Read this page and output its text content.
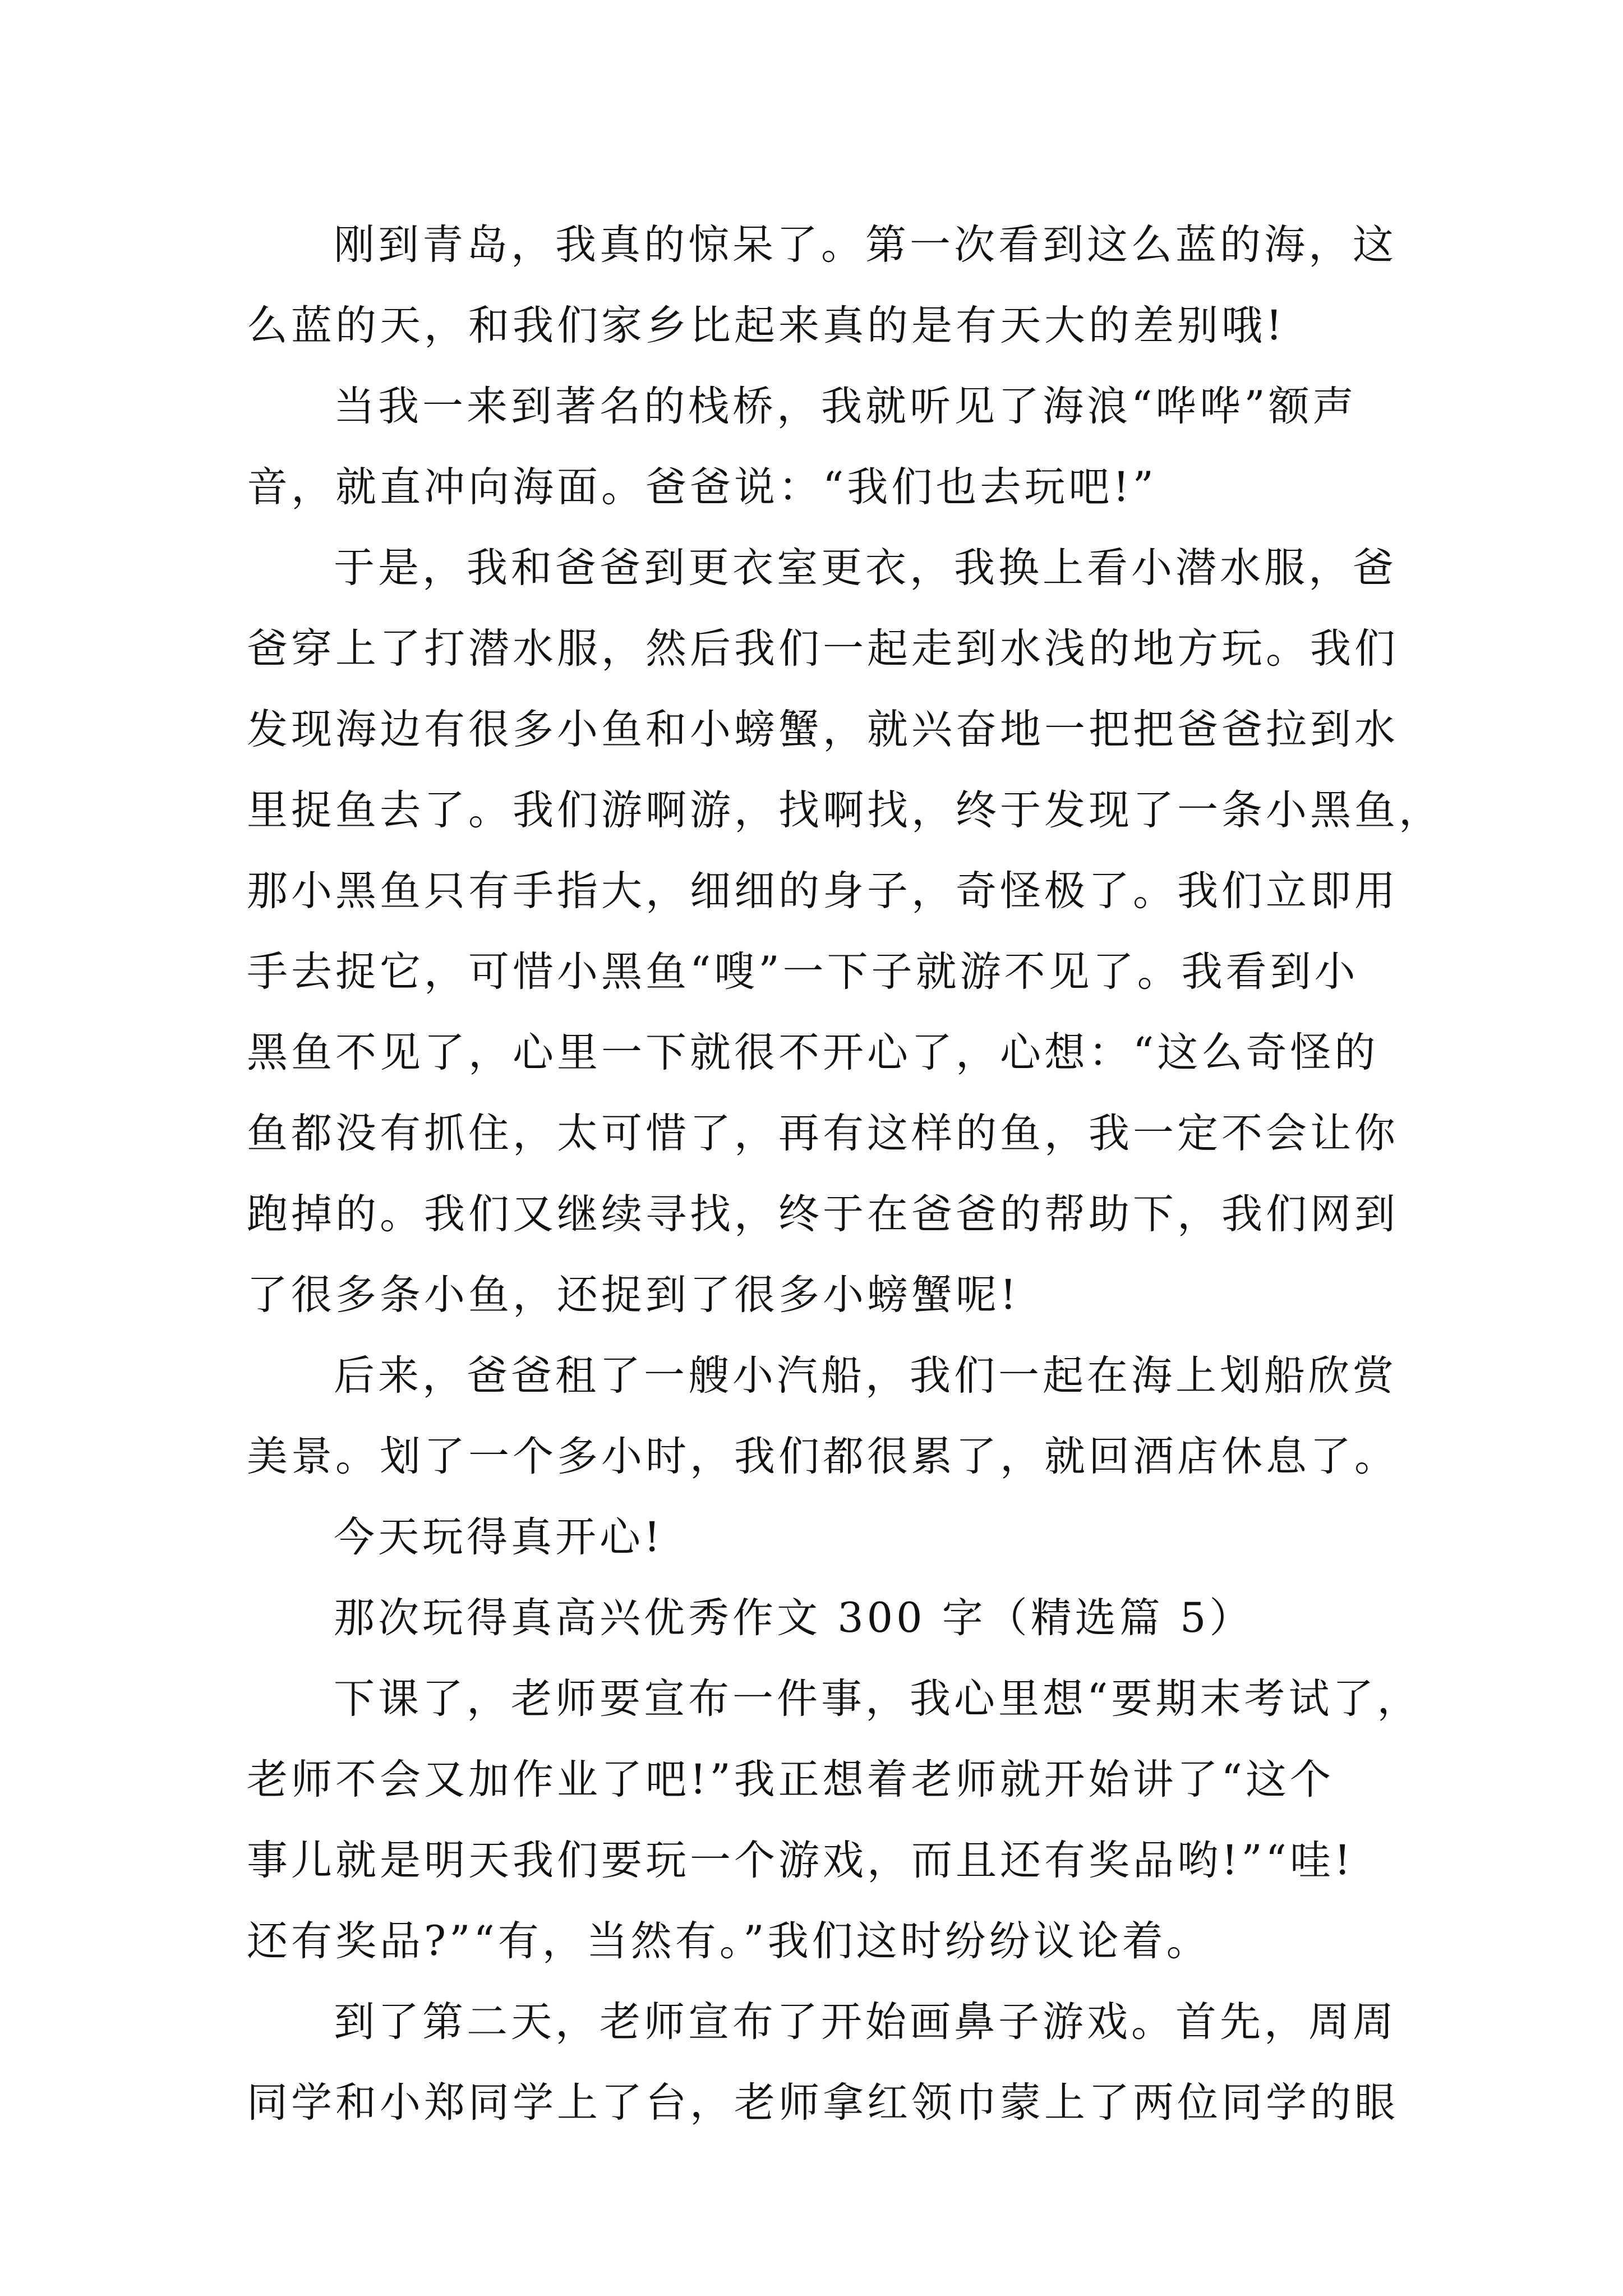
刚到青岛，我真的惊呆了。第一次看到这么蓝的海，这
么蓝的天，和我们家乡比起来真的是有天大的差别哦!
当我一来到著名的栈桥，我就听见了海浪“哗哗”额声
音，就直冲向海面。爸爸说：“我们也去玩吧!”
于是，我和爸爸到更衣室更衣，我换上看小潜水服，爸
爸穿上了打潜水服，然后我们一起走到水浅的地方玩。我们
发现海边有很多小鱼和小螃蟹，就兴奋地一把把爸爸拉到水
里捉鱼去了。我们游啊游，找啊找，终于发现了一条小黑鱼，
那小黑鱼只有手指大，细细的身子，奇怪极了。我们立即用
手去捉它，可惜小黑鱼“嗖”一下子就游不见了。我看到小
黑鱼不见了，心里一下就很不开心了，心想：“这么奇怪的
鱼都没有抓住，太可惜了，再有这样的鱼，我一定不会让你
跑掉的。我们又继续寻找，终于在爸爸的帮助下，我们网到
了很多条小鱼，还捉到了很多小螃蟹呢!
后来，爸爸租了一艘小汽船，我们一起在海上划船欣赏
美景。划了一个多小时，我们都很累了，就回酒店休息了。
今天玩得真开心!
那次玩得真高兴优秀作文 300 字（精选篇 5）
下课了，老师要宣布一件事，我心里想“要期末考试了，
老师不会又加作业了吧!”我正想着老师就开始讲了“这个
事儿就是明天我们要玩一个游戏，而且还有奖品哟!”“哇!
还有奖品?”“有，当然有。”我们这时纷纷议论着。
到了第二天，老师宣布了开始画鼻子游戏。首先，周周
同学和小郑同学上了台，老师拿红领巾蒙上了两位同学的眼
